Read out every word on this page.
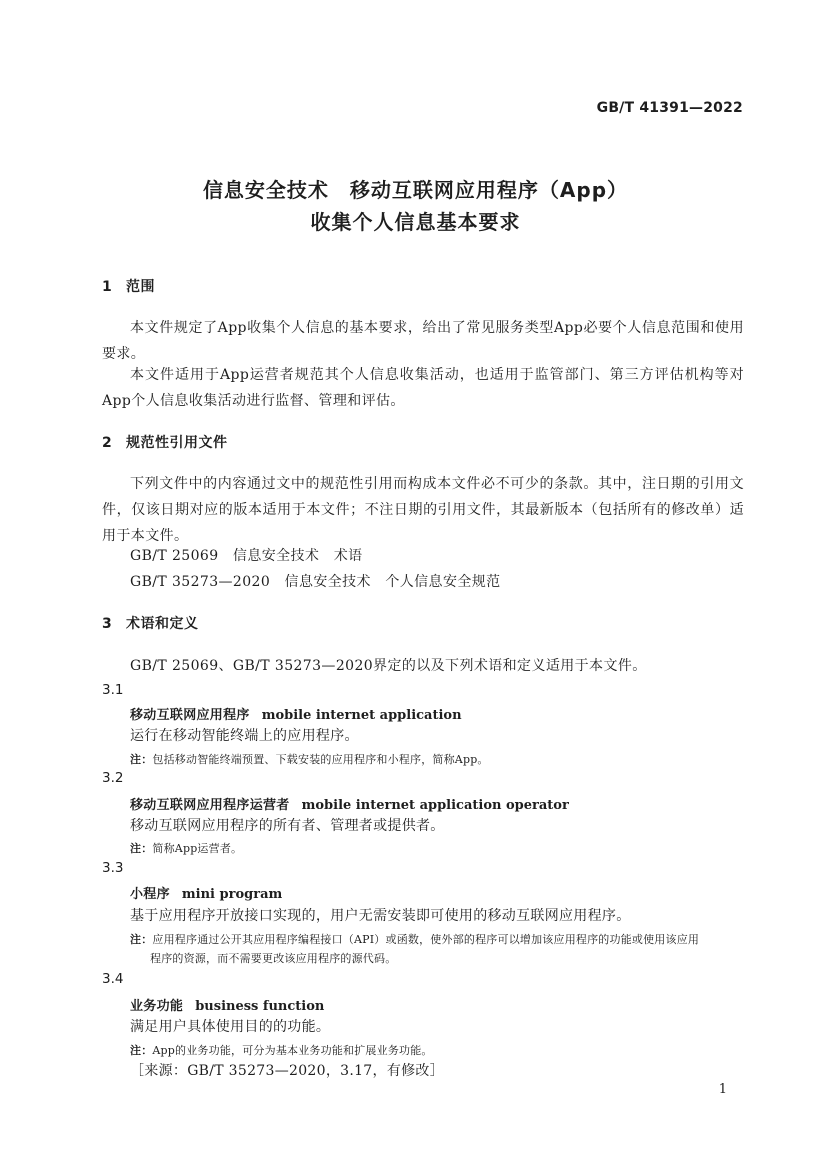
GB/T 41391—2022
信息安全技术　移动互联网应用程序（App）
收集个人信息基本要求
1 范围
本文件规定了App收集个人信息的基本要求，给出了常见服务类型App必要个人信息范围和使用要求。
本文件适用于App运营者规范其个人信息收集活动，也适用于监管部门、第三方评估机构等对App个人信息收集活动进行监督、管理和评估。
2 规范性引用文件
下列文件中的内容通过文中的规范性引用而构成本文件必不可少的条款。其中，注日期的引用文件，仅该日期对应的版本适用于本文件；不注日期的引用文件，其最新版本（包括所有的修改单）适用于本文件。
GB/T 25069　信息安全技术　术语
GB/T 35273—2020　信息安全技术　个人信息安全规范
3 术语和定义
GB/T 25069、GB/T 35273—2020界定的以及下列术语和定义适用于本文件。
3.1
移动互联网应用程序 mobile internet application
运行在移动智能终端上的应用程序。
注：包括移动智能终端预置、下载安装的应用程序和小程序，简称App。
3.2
移动互联网应用程序运营者 mobile internet application operator
移动互联网应用程序的所有者、管理者或提供者。
注：简称App运营者。
3.3
小程序 mini program
基于应用程序开放接口实现的，用户无需安装即可使用的移动互联网应用程序。
注：应用程序通过公开其应用程序编程接口（API）或函数，使外部的程序可以增加该应用程序的功能或使用该应用
程序的资源，而不需要更改该应用程序的源代码。
3.4
业务功能 business function
满足用户具体使用目的的功能。
注：App的业务功能，可分为基本业务功能和扩展业务功能。
［来源：GB/T 35273—2020，3.17，有修改］
1
